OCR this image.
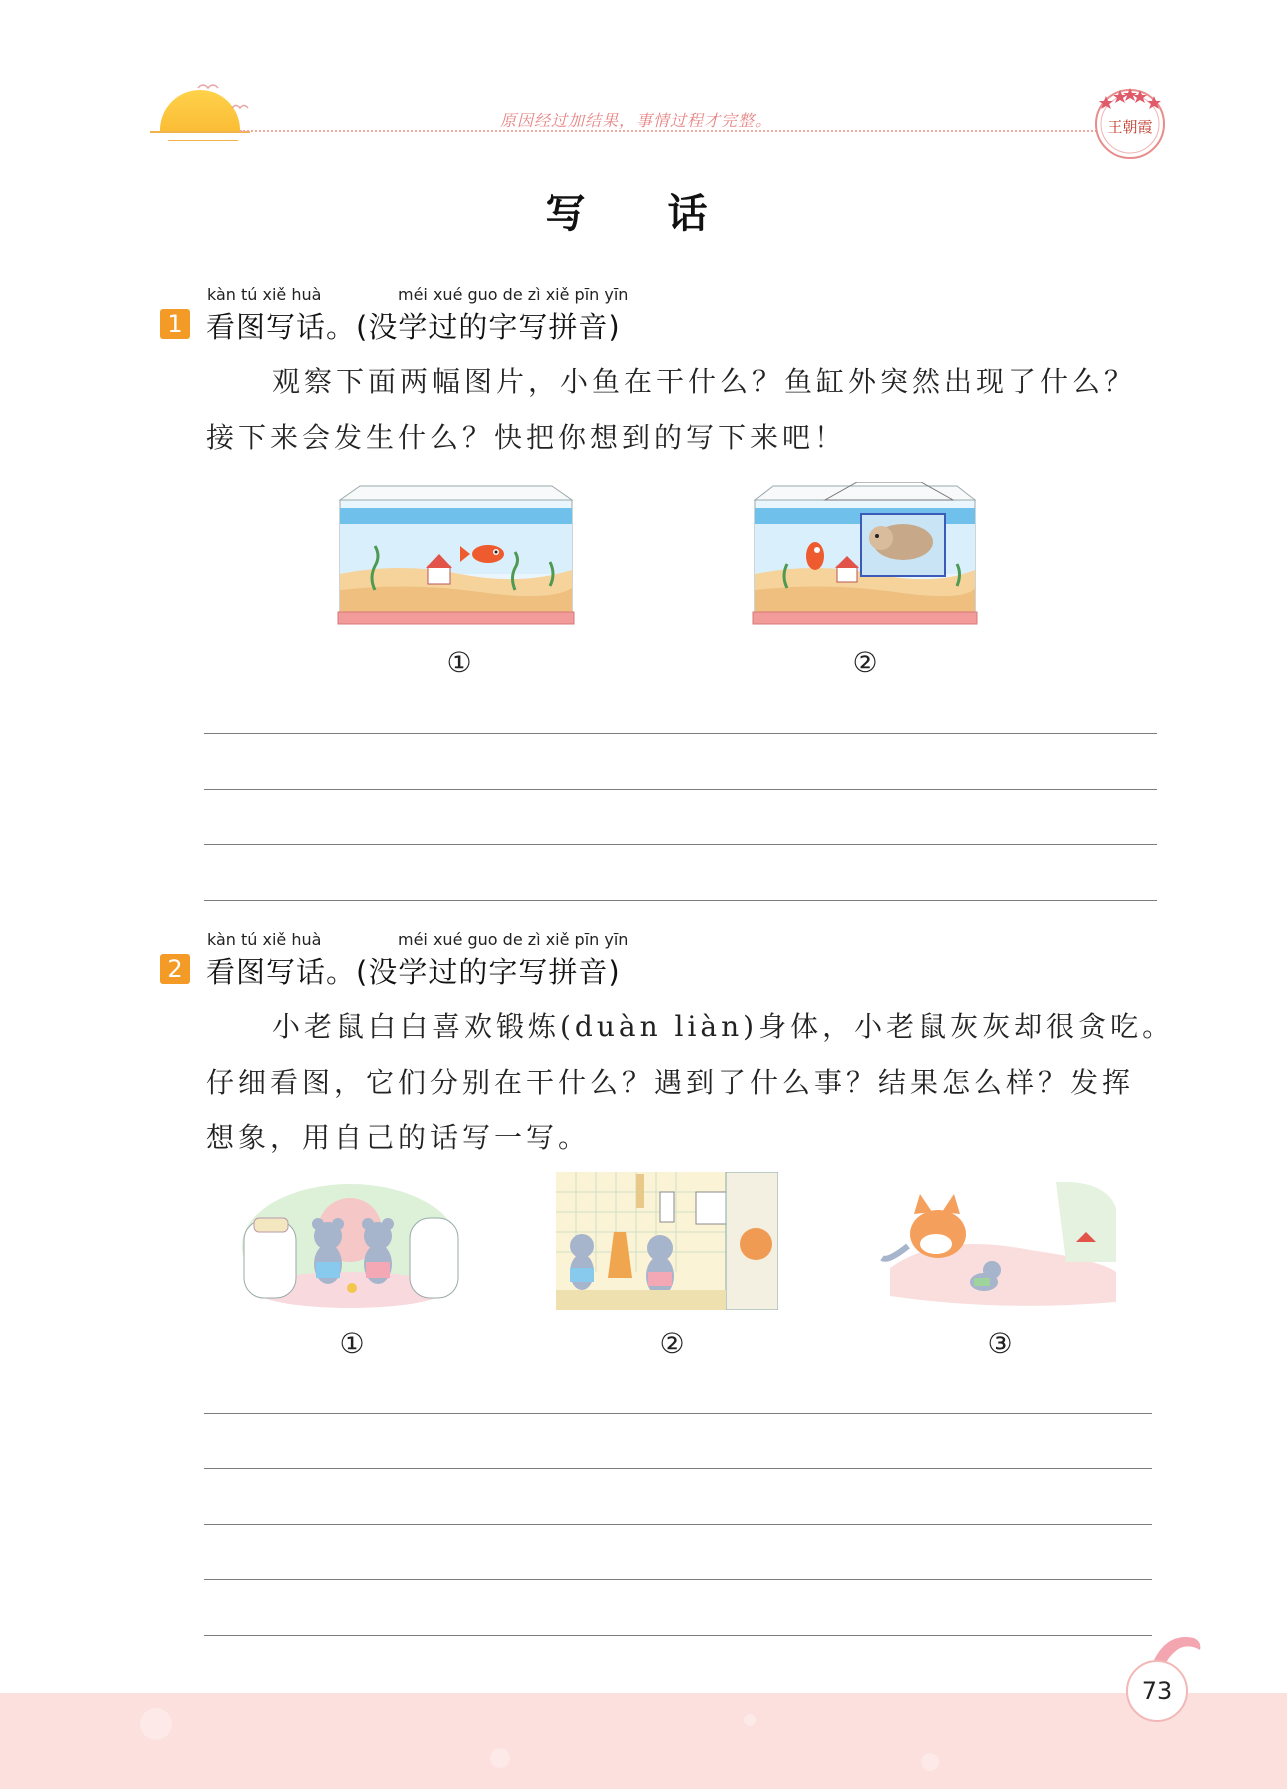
原因经过加结果，事情过程才完整。	王朝霞
写 话
kàn tú xiě huà	méi xué guo de zì xiě pīn yīn
1 看图写话。(没学过的字写拼音)
观察下面两幅图片，小鱼在干什么？鱼缸外突然出现了什么？
接下来会发生什么？快把你想到的写下来吧！
①	②
kàn tú xiě huà	méi xué guo de zì xiě pīn yīn
2 看图写话。(没学过的字写拼音)
小老鼠白白喜欢锻炼(duàn liàn)身体，小老鼠灰灰却很贪吃。
仔细看图，它们分别在干什么？遇到了什么事？结果怎么样？发挥
想象，用自己的话写一写。
①	②	③
73
